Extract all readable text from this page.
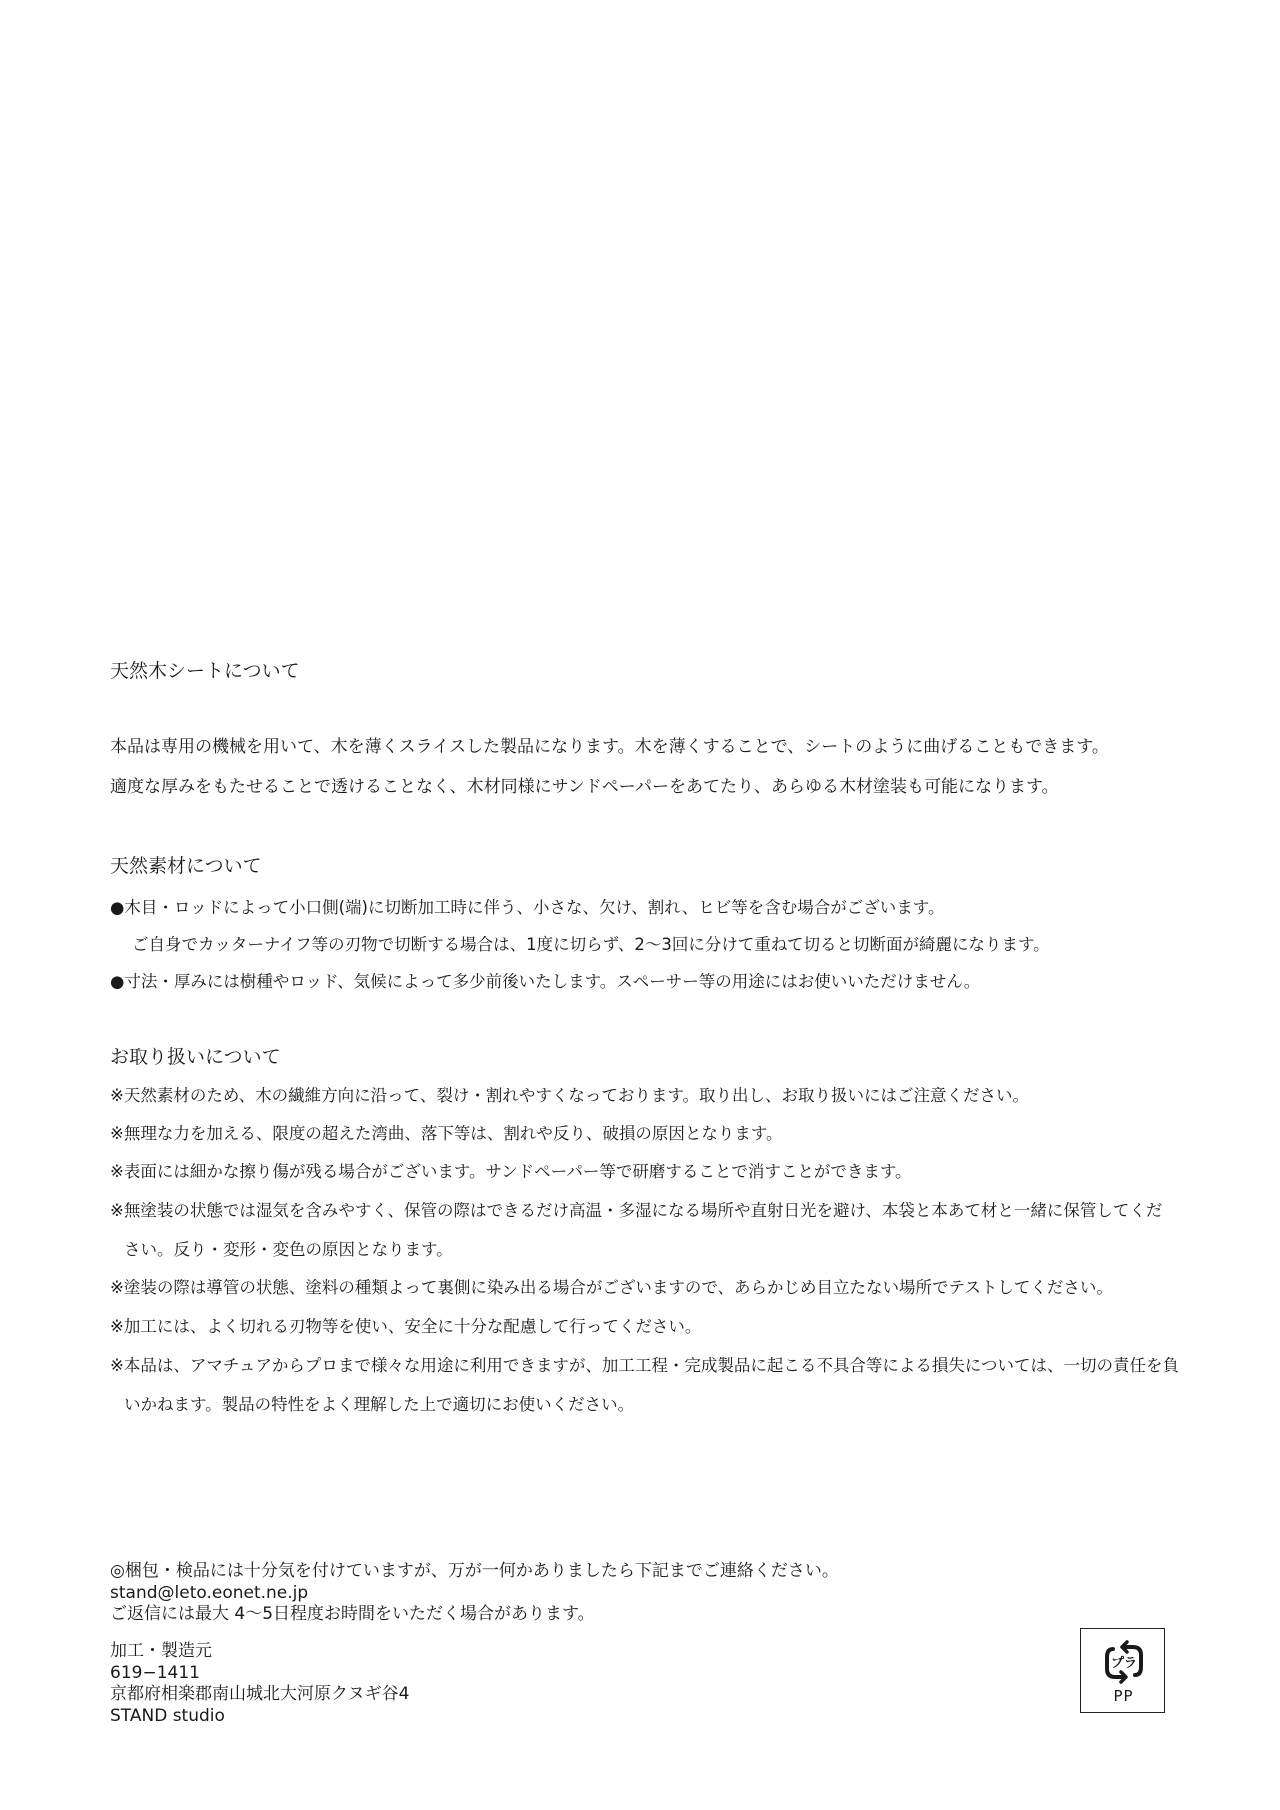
天然木シートについて
本品は専用の機械を用いて、木を薄くスライスした製品になります。木を薄くすることで、シートのように曲げることもできます。
適度な厚みをもたせることで透けることなく、木材同様にサンドペーパーをあてたり、あらゆる木材塗装も可能になります。
天然素材について
●木目・ロッドによって小口側(端)に切断加工時に伴う、小さな、欠け、割れ、ヒビ等を含む場合がございます。
ご自身でカッターナイフ等の刃物で切断する場合は、1度に切らず、2〜3回に分けて重ねて切ると切断面が綺麗になります。
●寸法・厚みには樹種やロッド、気候によって多少前後いたします。スペーサー等の用途にはお使いいただけません。
お取り扱いについて
※天然素材のため、木の繊維方向に沿って、裂け・割れやすくなっております。取り出し、お取り扱いにはご注意ください。
※無理な力を加える、限度の超えた湾曲、落下等は、割れや反り、破損の原因となります。
※表面には細かな擦り傷が残る場合がございます。サンドペーパー等で研磨することで消すことができます。
※無塗装の状態では湿気を含みやすく、保管の際はできるだけ高温・多湿になる場所や直射日光を避け、本袋と本あて材と一緒に保管してくだ
さい。反り・変形・変色の原因となります。
※塗装の際は導管の状態、塗料の種類よって裏側に染み出る場合がございますので、あらかじめ目立たない場所でテストしてください。
※加工には、よく切れる刃物等を使い、安全に十分な配慮して行ってください。
※本品は、アマチュアからプロまで様々な用途に利用できますが、加工工程・完成製品に起こる不具合等による損失については、一切の責任を負
いかねます。製品の特性をよく理解した上で適切にお使いください。
◎梱包・検品には十分気を付けていますが、万が一何かありましたら下記までご連絡ください。
stand@leto.eonet.ne.jp
ご返信には最大 4〜5日程度お時間をいただく場合があります。
加工・製造元
619−1411
京都府相楽郡南山城北大河原クヌギ谷4
STAND studio
プラ
PP
